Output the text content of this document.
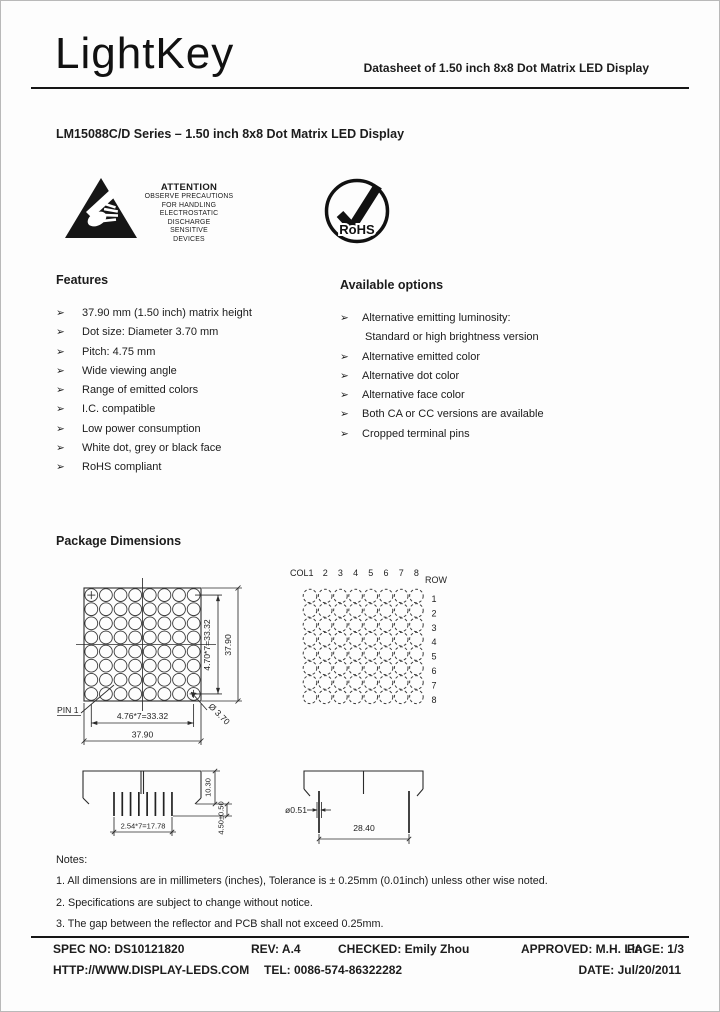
LightKey	Datasheet of 1.50 inch 8x8 Dot Matrix LED Display
LM15088C/D Series – 1.50 inch 8x8 Dot Matrix LED Display
ATTENTION
OBSERVE PRECAUTIONS
FOR HANDLING
ELECTROSTATIC
DISCHARGE
SENSITIVE
DEVICES
RoHS
Features
➢	37.90 mm (1.50 inch) matrix height
➢	Dot size: Diameter 3.70 mm
➢	Pitch: 4.75 mm
➢	Wide viewing angle
➢	Range of emitted colors
➢	I.C. compatible
➢	Low power consumption
➢	White dot, grey or black face
➢	RoHS compliant
Available options
➢	Alternative emitting luminosity:
Standard or high brightness version
➢	Alternative emitted color
➢	Alternative dot color
➢	Alternative face color
➢	Both CA or CC versions are available
➢	Cropped terminal pins
Package Dimensions
PIN 1
4.70*7=33.32 37.90
4.76*7=33.32
37.90
Ø 3.70
COL1 2 3 4 5 6 7 8
ROW
1
2
3
4
5
6
7
8
2.54*7=17.78
10.30
4.50±0.50	ø0.51
28.40
Notes:
1. All dimensions are in millimeters (inches), Tolerance is ± 0.25mm (0.01inch) unless other wise noted.
2. Specifications are subject to change without notice.
3. The gap between the reflector and PCB shall not exceed 0.25mm.
SPEC NO: DS10121820	REV: A.4	CHECKED: Emily Zhou	APPROVED: M.H. Lin
PAGE: 1/3
HTTP://WWW.DISPLAY-LEDS.COM TEL: 0086-574-86322282	DATE: Jul/20/2011
